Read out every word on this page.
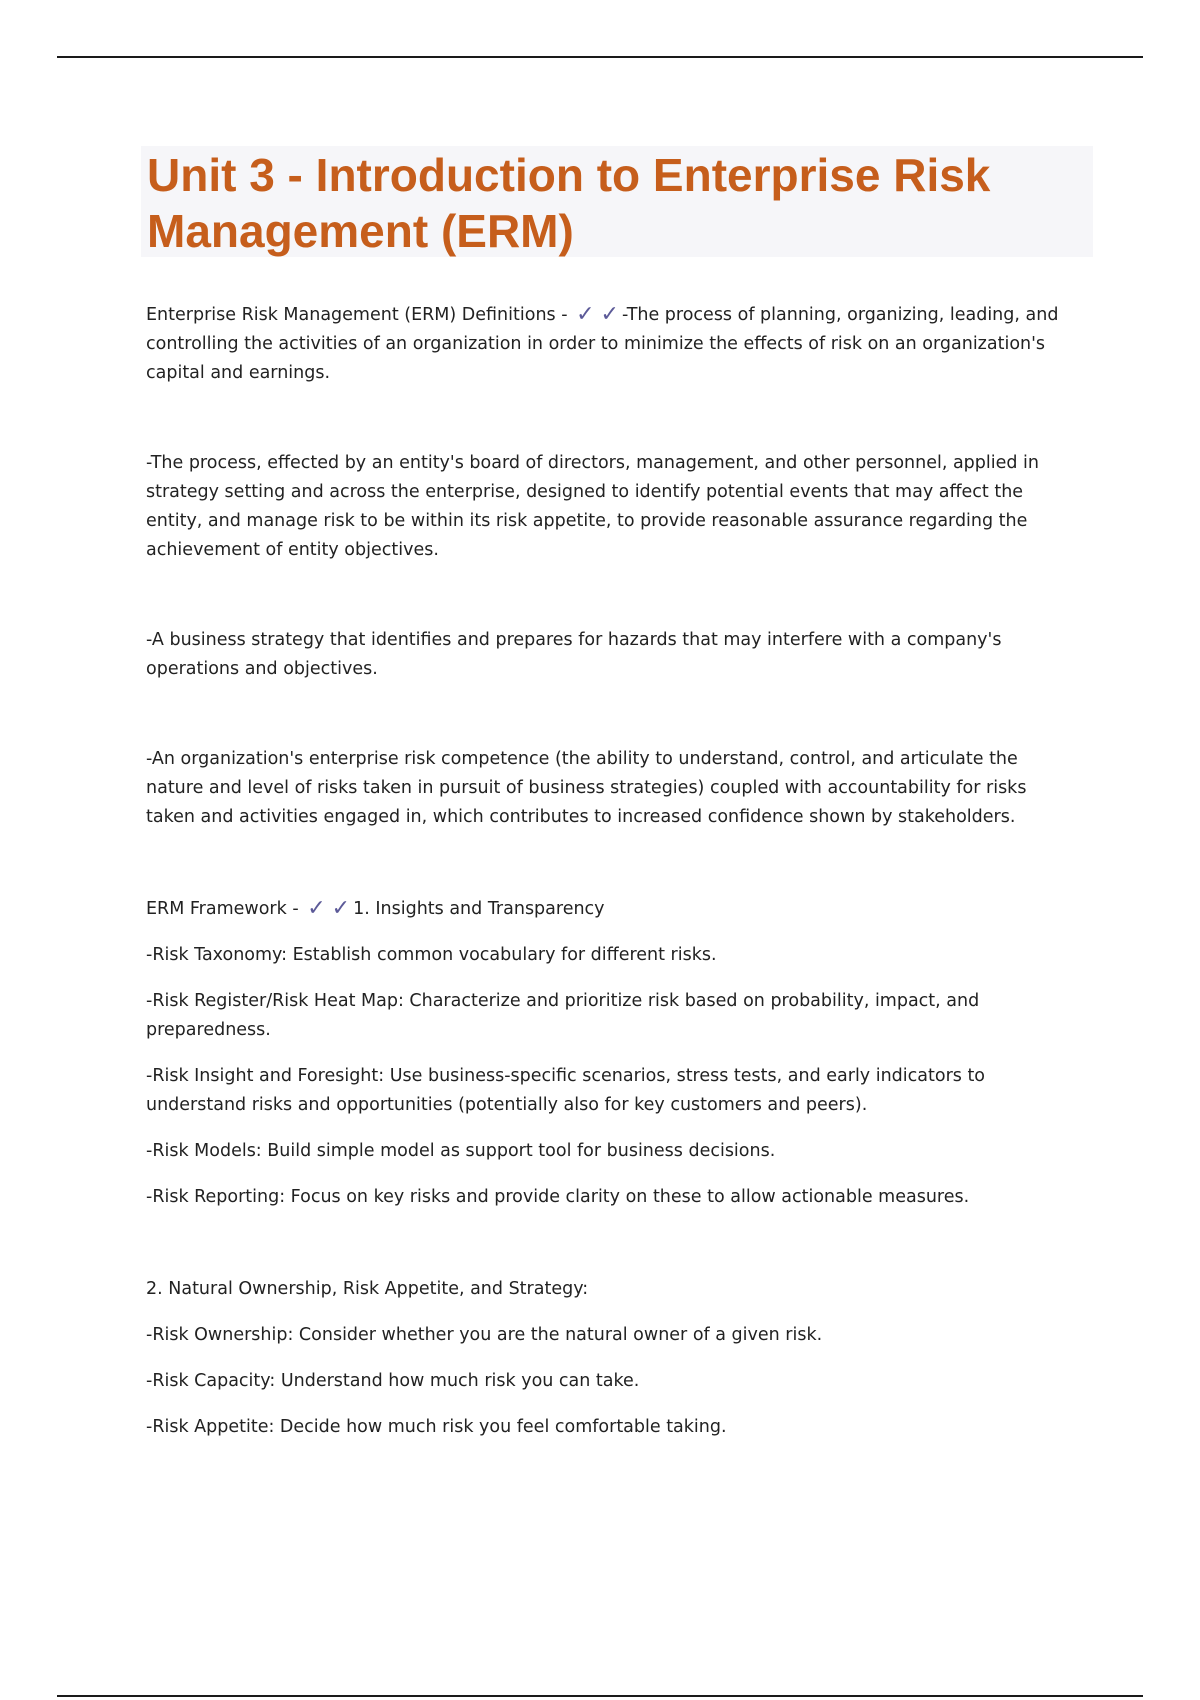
Unit 3 - Introduction to Enterprise Risk Management (ERM)

Enterprise Risk Management (ERM) Definitions - ✓ ✓ -The process of planning, organizing, leading, and controlling the activities of an organization in order to minimize the effects of risk on an organization's capital and earnings.

-The process, effected by an entity's board of directors, management, and other personnel, applied in strategy setting and across the enterprise, designed to identify potential events that may affect the entity, and manage risk to be within its risk appetite, to provide reasonable assurance regarding the achievement of entity objectives.

-A business strategy that identifies and prepares for hazards that may interfere with a company's operations and objectives.

-An organization's enterprise risk competence (the ability to understand, control, and articulate the nature and level of risks taken in pursuit of business strategies) coupled with accountability for risks taken and activities engaged in, which contributes to increased confidence shown by stakeholders.

ERM Framework - ✓ ✓ 1. Insights and Transparency

-Risk Taxonomy: Establish common vocabulary for different risks.

-Risk Register/Risk Heat Map: Characterize and prioritize risk based on probability, impact, and preparedness.

-Risk Insight and Foresight: Use business-specific scenarios, stress tests, and early indicators to understand risks and opportunities (potentially also for key customers and peers).

-Risk Models: Build simple model as support tool for business decisions.

-Risk Reporting: Focus on key risks and provide clarity on these to allow actionable measures.

2. Natural Ownership, Risk Appetite, and Strategy:

-Risk Ownership: Consider whether you are the natural owner of a given risk.

-Risk Capacity: Understand how much risk you can take.

-Risk Appetite: Decide how much risk you feel comfortable taking.
